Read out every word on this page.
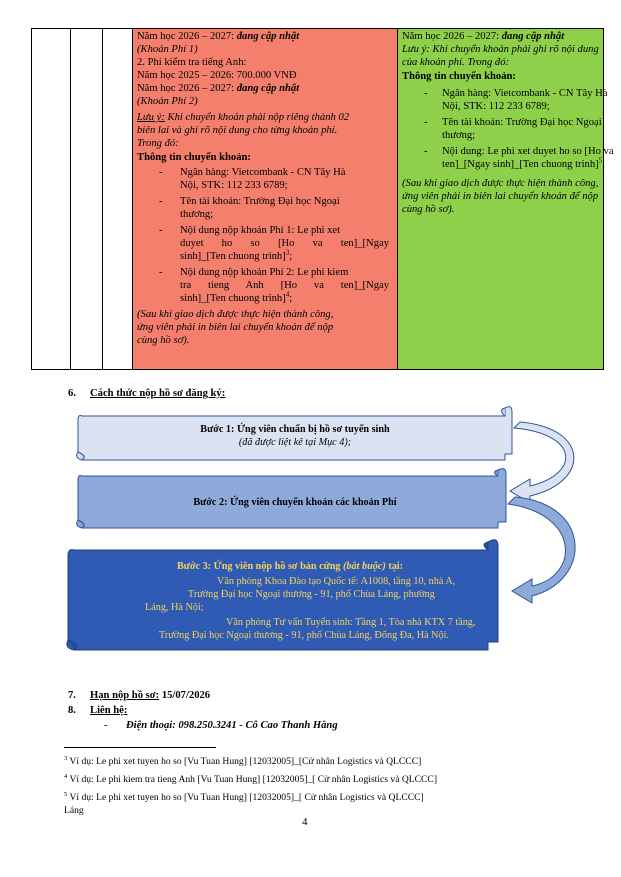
Năm học 2026 – 2027: đang cập nhật
(Khoản Phí 1)
2. Phí kiểm tra tiếng Anh:
Năm học 2025 – 2026: 700.000 VNĐ
Năm học 2026 – 2027: đang cập nhật
(Khoản Phí 2)
Lưu ý: Khi chuyển khoản phải nộp riêng thành 02
biên lai và ghi rõ nội dung cho từng khoản phí.
Trong đó:
Thông tin chuyển khoản:
- Ngân hàng: Vietcombank - CN Tây Hà
Nội, STK: 112 233 6789;
- Tên tài khoản: Trường Đại học Ngoại
thương;
- Nội dung nộp khoản Phí 1: Le phi xet
duyet ho so [Ho va ten]_[Ngay
sinh]_[Ten chuong trinh]$^3$;
- Nội dung nộp khoản Phí 2: Le phi kiem
tra tieng Anh [Ho va ten]_[Ngay
sinh]_[Ten chuong trinh]$^4$;
(Sau khi giao dịch được thực hiện thành công,
ứng viên phải in biên lai chuyển khoản để nộp
cùng hồ sơ).
Năm học 2026 – 2027: đang cập nhật
Lưu ý: Khi chuyển khoản phải ghi rõ nội dung
của khoản phí. Trong đó:
Thông tin chuyển khoản:
- Ngân hàng: Vietcombank - CN Tây Hà
Nội, STK: 112 233 6789;
- Tên tài khoản: Trường Đại học Ngoại
thương;
- Nội dung: Le phi xet duyet ho so [Ho va
ten]_[Ngay sinh]_[Ten chuong trinh]$^5$;
(Sau khi giao dịch được thực hiện thành công,
ứng viên phải in biên lai chuyển khoản để nộp
cùng hồ sơ).
6. Cách thức nộp hồ sơ đăng ký:
Bước 1: Ứng viên chuẩn bị hồ sơ tuyển sinh
(đã được liệt kê tại Mục 4);
Bước 2: Ứng viên chuyển khoản các khoản Phí
Bước 3: Ứng viên nộp hồ sơ bản cứng (bắt buộc) tại:
Văn phòng Khoa Đào tạo Quốc tế: A1008, tầng 10, nhà A,
Trường Đại học Ngoại thương - 91, phố Chùa Láng, phường
Láng, Hà Nội;
Văn phòng Tư vấn Tuyển sinh: Tầng 1, Tòa nhà KTX 7 tầng,
Trường Đại học Ngoại thương - 91, phố Chùa Láng, Đống Đa, Hà Nội.
7. Hạn nộp hồ sơ: 15/07/2026
8. Liên hệ:
- Điện thoại: 098.250.3241 - Cô Cao Thanh Hằng
$^3$ Ví dụ: Le phi xet tuyen ho so [Vu Tuan Hung] [12032005]_[Cử nhân Logistics và QLCCC]
$^4$ Ví dụ: Le phi kiem tra tieng Anh [Vu Tuan Hung] [12032005]_[ Cử nhân Logistics và QLCCC]
$^5$ Ví dụ: Le phi xet tuyen ho so [Vu Tuan Hung] [12032005]_[ Cử nhân Logistics và QLCCC]
Láng
4
